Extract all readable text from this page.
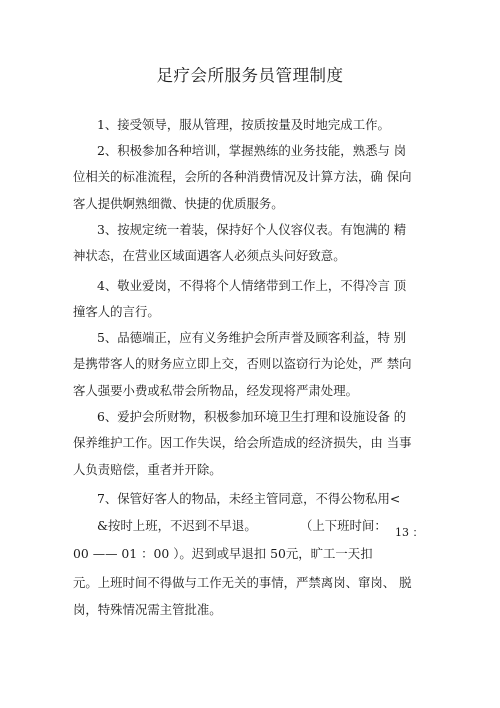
足疗会所服务员管理制度
1、接受领导，服从管理，按质按量及时地完成工作。
2、积极参加各种培训，掌握熟练的业务技能，熟悉与 岗
位相关的标准流程，会所的各种消费情况及计算方法，确 保向
客人提供婀熟细微、快捷的优质服务。
3、按规定统一着装，保持好个人仪容仪表。有饱满的 精
神状态，在营业区域面遇客人必须点头问好致意。
4、敬业爱岗，不得将个人情绪带到工作上，不得冷言 顶
撞客人的言行。
5、品德端正，应有义务维护会所声誉及顾客利益，特 别
是携带客人的财务应立即上交，否则以盗窃行为论处，严 禁向
客人强要小费或私带会所物品，经发现将严肃处理。
6、爱护会所财物，积极参加环境卫生打理和设施设备 的
保养维护工作。因工作失误，给会所造成的经济损失，由 当事
人负责赔偿，重者并开除。
7、保管好客人的物品，未经主管同意，不得公物私用<
&按时上班，不迟到不早退。	（上下班时间： 13 ：
00 —— 01 ：00 ）。迟到或早退扣 50元，旷工一天扣
元。上班时间不得做与工作无关的事情，严禁离岗、窜岗、 脱
岗，特殊情况需主管批准。
